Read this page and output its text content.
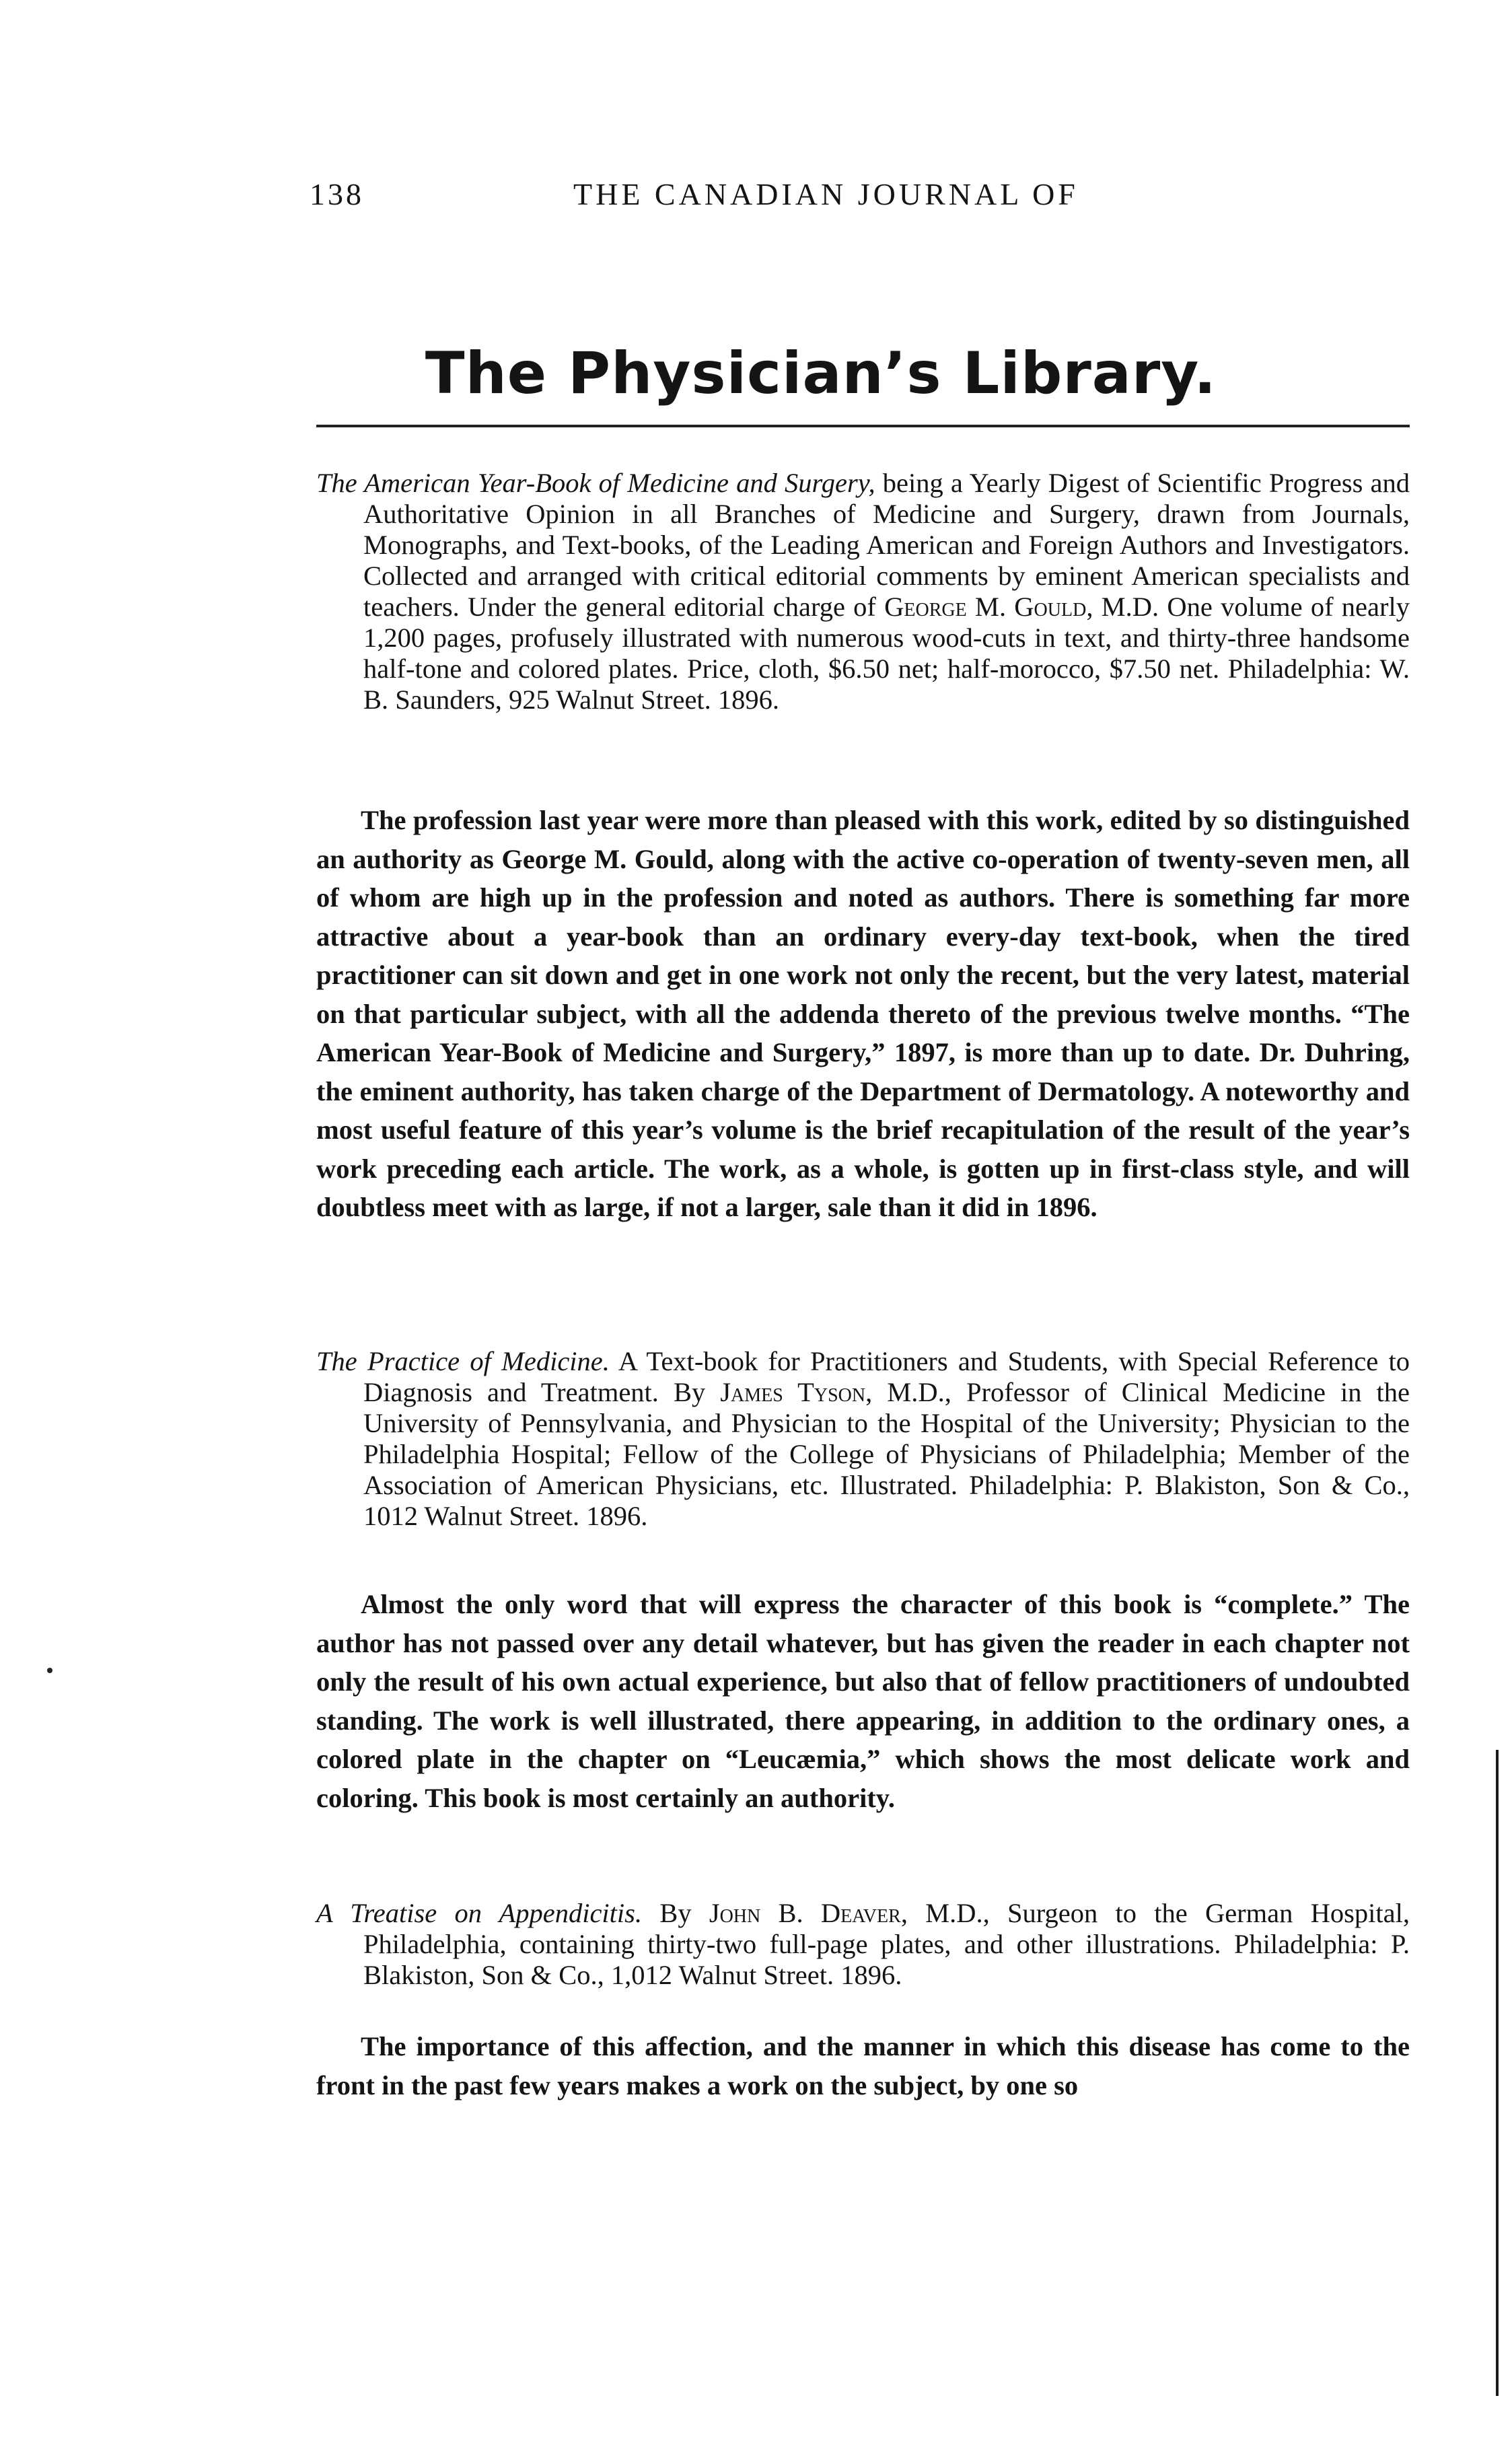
138	THE CANADIAN JOURNAL OF
The Physician’s Library.
The American Year-Book of Medicine and Surgery, being a Yearly Digest of Scientific Progress and Authoritative Opinion in all Branches of Medicine and Surgery, drawn from Journals, Monographs, and Text-books, of the Leading American and Foreign Authors and Investigators. Collected and arranged with critical editorial comments by eminent American specialists and teachers. Under the general editorial charge of George M. Gould, M.D. One volume of nearly 1,200 pages, profusely illustrated with numerous wood-cuts in text, and thirty-three handsome half-tone and colored plates. Price, cloth, $6.50 net; half-morocco, $7.50 net. Philadelphia: W. B. Saunders, 925 Walnut Street. 1896.
The profession last year were more than pleased with this work, edited by so distinguished an authority as George M. Gould, along with the active co-operation of twenty-seven men, all of whom are high up in the profession and noted as authors. There is something far more attractive about a year-book than an ordinary every-day text-book, when the tired practitioner can sit down and get in one work not only the recent, but the very latest, material on that particular subject, with all the addenda thereto of the previous twelve months. “The American Year-Book of Medicine and Surgery,” 1897, is more than up to date. Dr. Duhring, the eminent authority, has taken charge of the Department of Dermatology. A noteworthy and most useful feature of this year’s volume is the brief recapitulation of the result of the year’s work preceding each article. The work, as a whole, is gotten up in first-class style, and will doubtless meet with as large, if not a larger, sale than it did in 1896.
The Practice of Medicine. A Text-book for Practitioners and Students, with Special Reference to Diagnosis and Treatment. By James Tyson, M.D., Professor of Clinical Medicine in the University of Pennsylvania, and Physician to the Hospital of the University; Physician to the Philadelphia Hospital; Fellow of the College of Physicians of Philadelphia; Member of the Association of American Physicians, etc. Illustrated. Philadelphia: P. Blakiston, Son & Co., 1012 Walnut Street. 1896.
Almost the only word that will express the character of this book is “complete.” The author has not passed over any detail whatever, but has given the reader in each chapter not only the result of his own actual experience, but also that of fellow practitioners of undoubted standing. The work is well illustrated, there appearing, in addition to the ordinary ones, a colored plate in the chapter on “Leucæmia,” which shows the most delicate work and coloring. This book is most certainly an authority.
A Treatise on Appendicitis. By John B. Deaver, M.D., Surgeon to the German Hospital, Philadelphia, containing thirty-two full-page plates, and other illustrations. Philadelphia: P. Blakiston, Son & Co., 1,012 Walnut Street. 1896.
The importance of this affection, and the manner in which this disease has come to the front in the past few years makes a work on the subject, by one so
